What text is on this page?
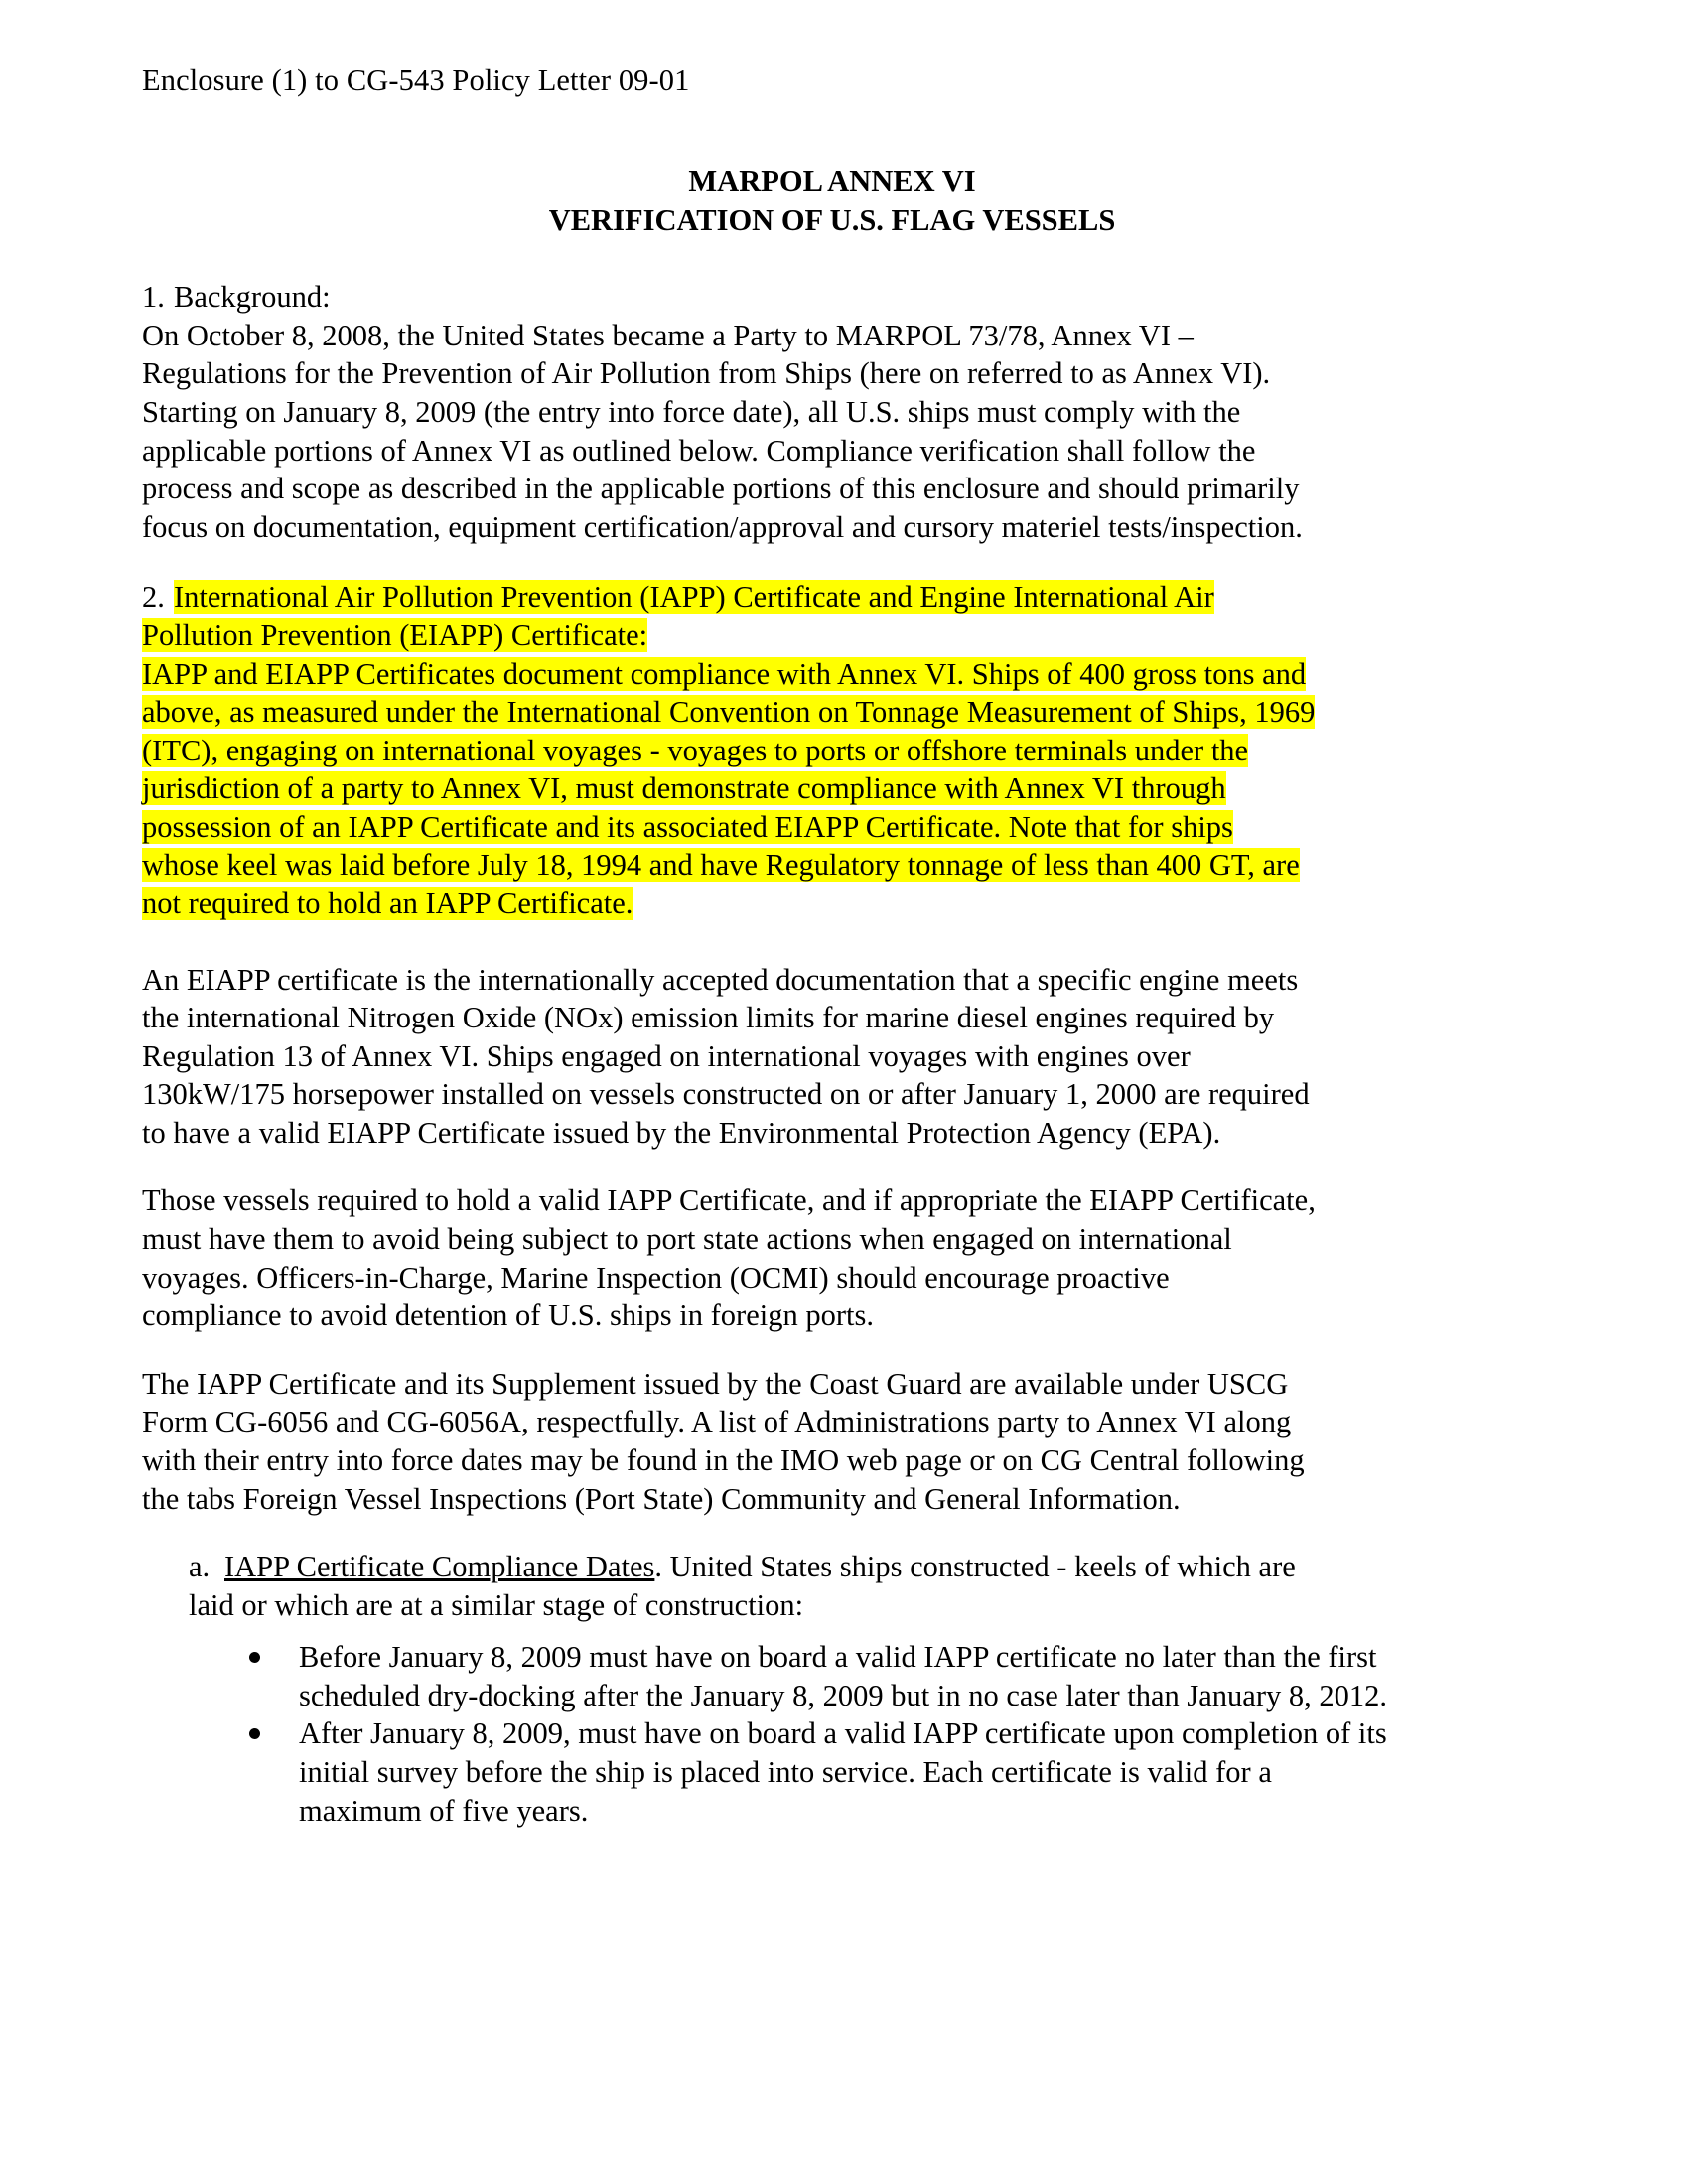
Enclosure (1) to CG-543 Policy Letter 09-01
MARPOL ANNEX VI
VERIFICATION OF U.S. FLAG VESSELS
1. Background:
On October 8, 2008, the United States became a Party to MARPOL 73/78, Annex VI –
Regulations for the Prevention of Air Pollution from Ships (here on referred to as Annex VI).
Starting on January 8, 2009 (the entry into force date), all U.S. ships must comply with the
applicable portions of Annex VI as outlined below. Compliance verification shall follow the
process and scope as described in the applicable portions of this enclosure and should primarily
focus on documentation, equipment certification/approval and cursory materiel tests/inspection.
2. International Air Pollution Prevention (IAPP) Certificate and Engine International Air
Pollution Prevention (EIAPP) Certificate:
IAPP and EIAPP Certificates document compliance with Annex VI. Ships of 400 gross tons and
above, as measured under the International Convention on Tonnage Measurement of Ships, 1969
(ITC), engaging on international voyages - voyages to ports or offshore terminals under the
jurisdiction of a party to Annex VI, must demonstrate compliance with Annex VI through
possession of an IAPP Certificate and its associated EIAPP Certificate. Note that for ships
whose keel was laid before July 18, 1994 and have Regulatory tonnage of less than 400 GT, are
not required to hold an IAPP Certificate.
An EIAPP certificate is the internationally accepted documentation that a specific engine meets
the international Nitrogen Oxide (NOx) emission limits for marine diesel engines required by
Regulation 13 of Annex VI. Ships engaged on international voyages with engines over
130kW/175 horsepower installed on vessels constructed on or after January 1, 2000 are required
to have a valid EIAPP Certificate issued by the Environmental Protection Agency (EPA).
Those vessels required to hold a valid IAPP Certificate, and if appropriate the EIAPP Certificate,
must have them to avoid being subject to port state actions when engaged on international
voyages. Officers-in-Charge, Marine Inspection (OCMI) should encourage proactive
compliance to avoid detention of U.S. ships in foreign ports.
The IAPP Certificate and its Supplement issued by the Coast Guard are available under USCG
Form CG-6056 and CG-6056A, respectfully. A list of Administrations party to Annex VI along
with their entry into force dates may be found in the IMO web page or on CG Central following
the tabs Foreign Vessel Inspections (Port State) Community and General Information.
a. IAPP Certificate Compliance Dates. United States ships constructed - keels of which are
laid or which are at a similar stage of construction:
Before January 8, 2009 must have on board a valid IAPP certificate no later than the first
scheduled dry-docking after the January 8, 2009 but in no case later than January 8, 2012.
After January 8, 2009, must have on board a valid IAPP certificate upon completion of its
initial survey before the ship is placed into service. Each certificate is valid for a
maximum of five years.
